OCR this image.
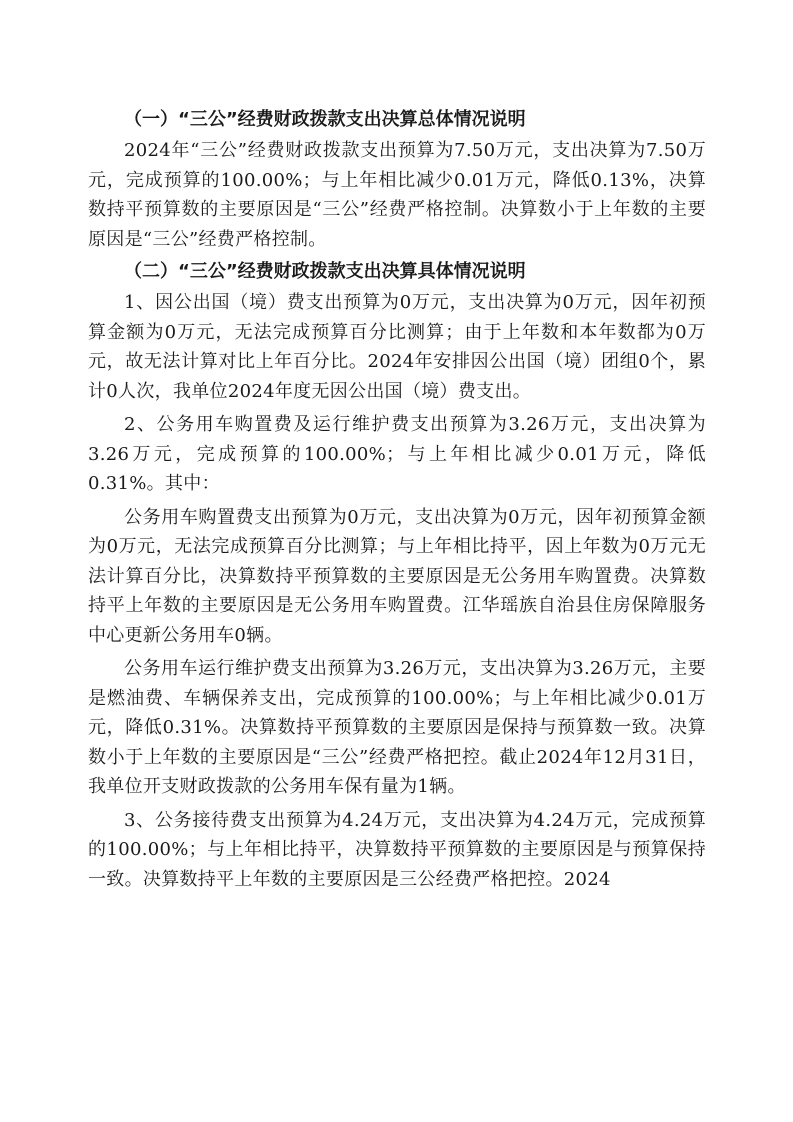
（一）“三公”经费财政拨款支出决算总体情况说明

2024年“三公”经费财政拨款支出预算为7.50万元，支出决算为7.50万元，完成预算的100.00%；与上年相比减少0.01万元，降低0.13%，决算数持平预算数的主要原因是“三公”经费严格控制。决算数小于上年数的主要原因是“三公”经费严格控制。

（二）“三公”经费财政拨款支出决算具体情况说明

1、因公出国（境）费支出预算为0万元，支出决算为0万元，因年初预算金额为0万元，无法完成预算百分比测算；由于上年数和本年数都为0万元，故无法计算对比上年百分比。2024年安排因公出国（境）团组0个，累计0人次，我单位2024年度无因公出国（境）费支出。

2、公务用车购置费及运行维护费支出预算为3.26万元，支出决算为3.26万元，完成预算的100.00%；与上年相比减少0.01万元，降低0.31%。其中：

公务用车购置费支出预算为0万元，支出决算为0万元，因年初预算金额为0万元，无法完成预算百分比测算；与上年相比持平，因上年数为0万元无法计算百分比，决算数持平预算数的主要原因是无公务用车购置费。决算数持平上年数的主要原因是无公务用车购置费。江华瑶族自治县住房保障服务中心更新公务用车0辆。

公务用车运行维护费支出预算为3.26万元，支出决算为3.26万元，主要是燃油费、车辆保养支出，完成预算的100.00%；与上年相比减少0.01万元，降低0.31%。决算数持平预算数的主要原因是保持与预算数一致。决算数小于上年数的主要原因是“三公”经费严格把控。截止2024年12月31日，我单位开支财政拨款的公务用车保有量为1辆。

3、公务接待费支出预算为4.24万元，支出决算为4.24万元，完成预算的100.00%；与上年相比持平，决算数持平预算数的主要原因是与预算保持一致。决算数持平上年数的主要原因是三公经费严格把控。2024
